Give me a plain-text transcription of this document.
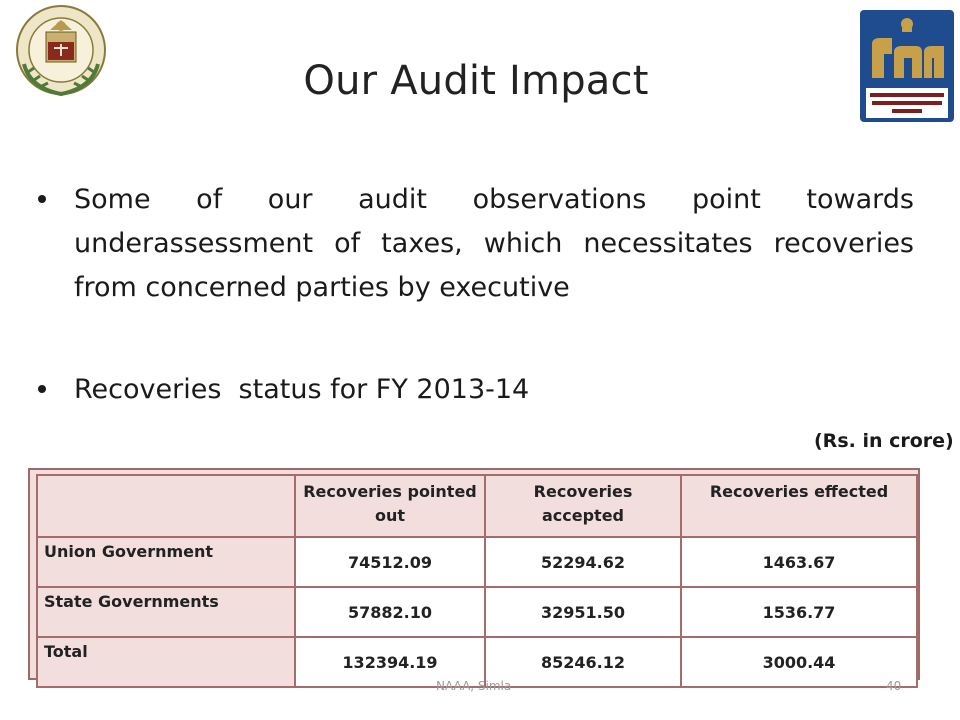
Our Audit Impact
Some of our audit observations point towards underassessment of taxes, which necessitates recoveries from concerned parties by executive
Recoveries  status for FY 2013-14
(Rs. in crore)
	Recoveries pointed out	Recoveries accepted	Recoveries effected
Union Government	74512.09	52294.62	1463.67
State Governments	57882.10	32951.50	1536.77
Total	132394.19	85246.12	3000.44
NAAA, Simla	40
